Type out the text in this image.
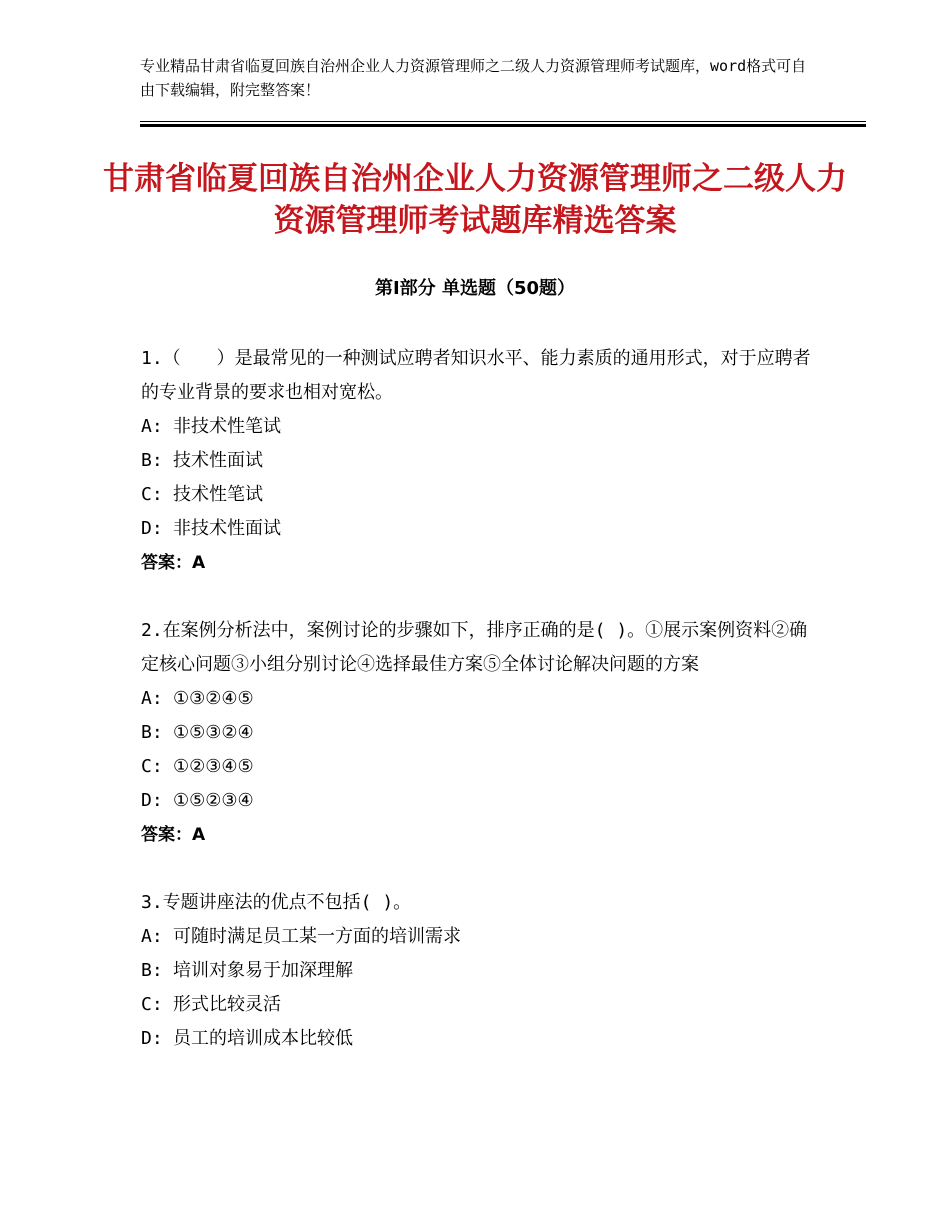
专业精品甘肃省临夏回族自治州企业人力资源管理师之二级人力资源管理师考试题库，word格式可自由下载编辑，附完整答案！
甘肃省临夏回族自治州企业人力资源管理师之二级人力资源管理师考试题库精选答案
第Ⅰ部分 单选题（50题）

1.（　　）是最常见的一种测试应聘者知识水平、能力素质的通用形式，对于应聘者的专业背景的要求也相对宽松。

A: 非技术性笔试

B: 技术性面试

C: 技术性笔试

D: 非技术性面试

答案：A

2.在案例分析法中，案例讨论的步骤如下，排序正确的是( )。①展示案例资料②确定核心问题③小组分别讨论④选择最佳方案⑤全体讨论解决问题的方案

A: ①③②④⑤

B: ①⑤③②④

C: ①②③④⑤

D: ①⑤②③④

答案：A

3.专题讲座法的优点不包括( )。

A: 可随时满足员工某一方面的培训需求

B: 培训对象易于加深理解

C: 形式比较灵活

D: 员工的培训成本比较低
